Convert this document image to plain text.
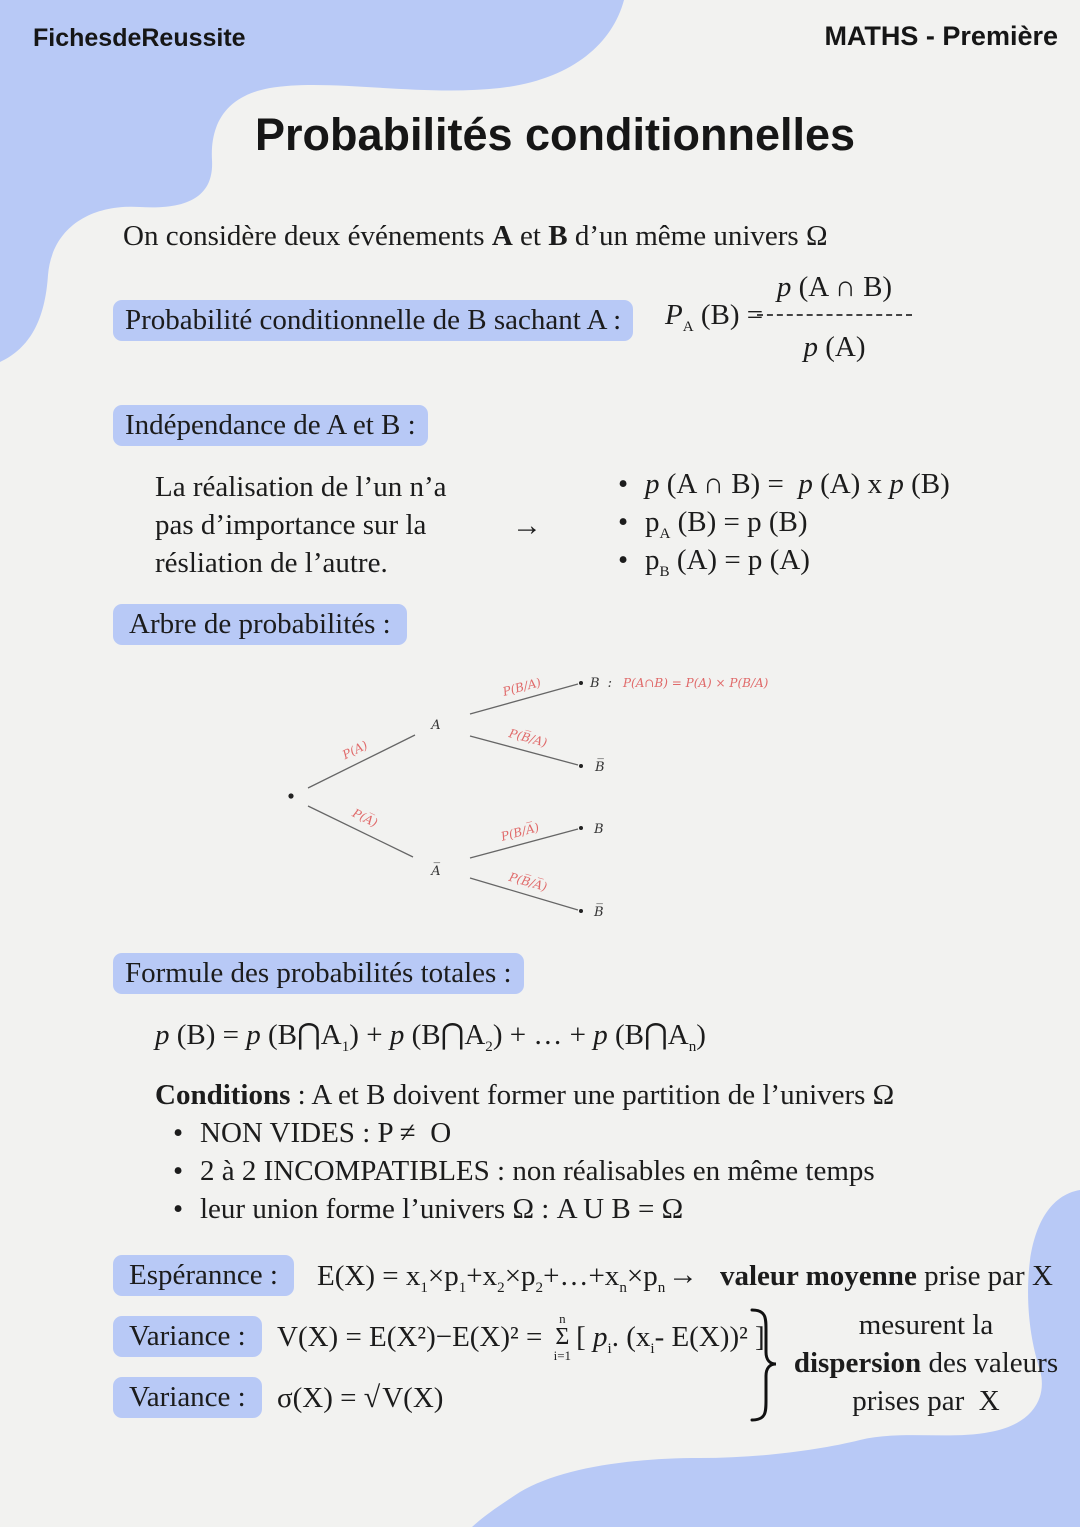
FichesdeReussite	MATHS - Première
Probabilités conditionnelles
On considère deux événements A et B d’un même univers Ω
Probabilité conditionnelle de B sachant A :	$P_A$ (B) =
p (A ∩ B)
p (A)
Indépendance de A et B :
La réalisation de l’un n’a
pas d’importance sur la
résliation de l’autre.
→
• p (A ∩ B) =  p (A) x p (B)
• $p_A$ (B) = p (B)
• $p_B$ (A) = p (A)
Arbre de probabilités :
P(A)
P(A̅)
A
A̅
P(B/A)
P(B̅/A)
P(B/A̅)
P(B̅/A̅)
B : P(A∩B) = P(A) × P(B/A)
B̅
B
B̅
Formule des probabilités totales :
p (B) = p $(B⋂A_1) + p$ $(B⋂A_2)$ + … + p $(B⋂A_n)$
Conditions : A et B doivent former une partition de l’univers Ω
• NON VIDES : P ≠  O
• 2 à 2 INCOMPATIBLES : non réalisables en même temps
• leur union forme l’univers Ω : A U B = Ω
Espérannce :	$E(X) = x_1\times p_1+x_2\times p_2+\dots+x_n\times p_n$ → valeur moyenne prise par X
Variance :	V(X) = E(X²)−E(X)² =
n
Σ
i=1
[ $p_i$. ($x_i-$ E(X))² ]
Variance :	σ(X) = √ V(X)
mesurent la
dispersion des valeurs
prises par  X
